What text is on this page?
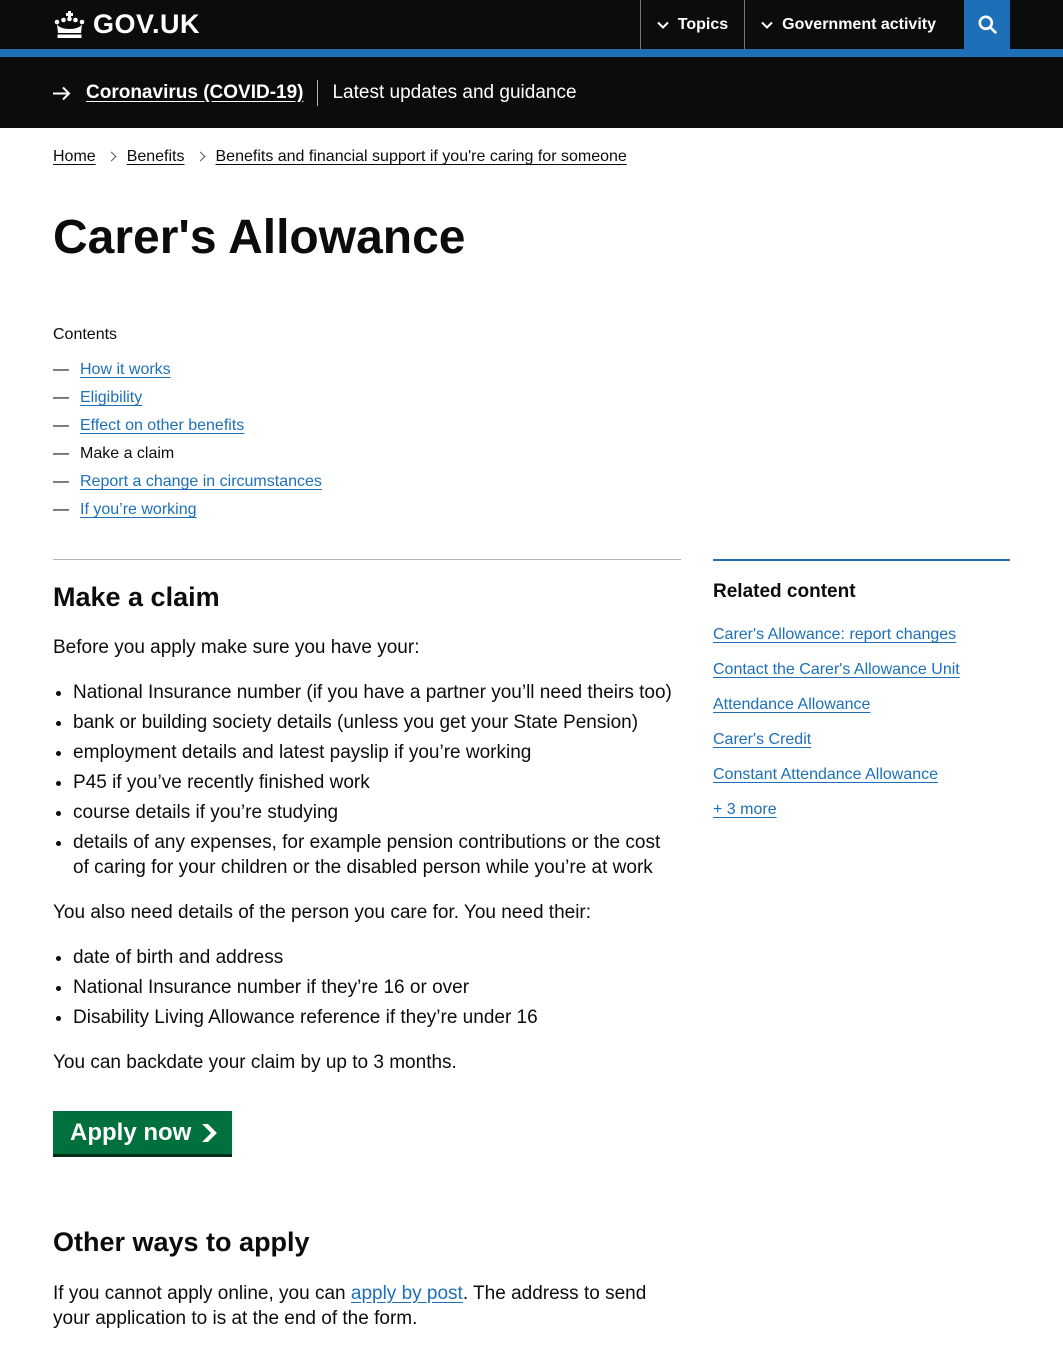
GOV.UK	Topics	Government activity
Coronavirus (COVID-19) Latest updates and guidance
Home Benefits Benefits and financial support if you're caring for someone
Carer's Allowance
Contents
— How it works
— Eligibility
— Effect on other benefits
— Make a claim
— Report a change in circumstances
— If you’re working
Make a claim

Before you apply make sure you have your:

• National Insurance number (if you have a partner you’ll need theirs too)
• bank or building society details (unless you get your State Pension)
• employment details and latest payslip if you’re working
• P45 if you’ve recently finished work
• course details if you’re studying
• details of any expenses, for example pension contributions or the cost of caring for your children or the disabled person while you’re at work

You also need details of the person you care for. You need their:

• date of birth and address
• National Insurance number if they’re 16 or over
• Disability Living Allowance reference if they’re under 16

You can backdate your claim by up to 3 months.

Apply now
Other ways to apply

If you cannot apply online, you can apply by post. The address to send your application to is at the end of the form.

Related content
Carer's Allowance: report changes
Contact the Carer's Allowance Unit
Attendance Allowance
Carer's Credit
Constant Attendance Allowance
+ 3 more
